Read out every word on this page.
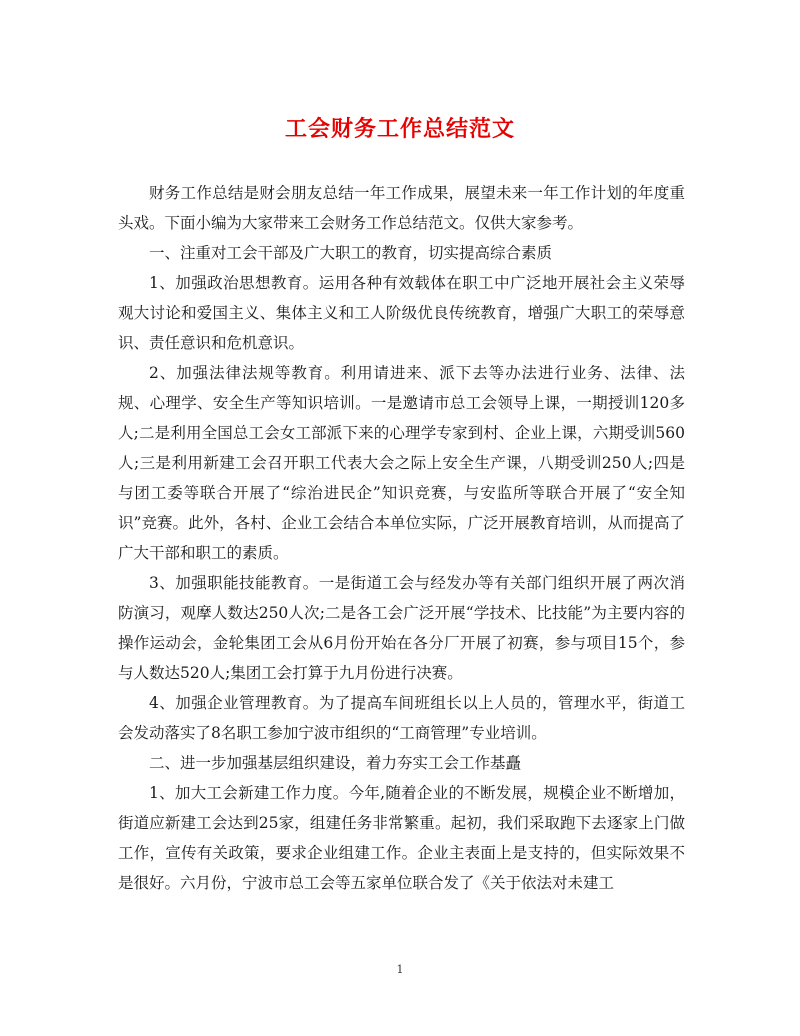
工会财务工作总结范文

财务工作总结是财会朋友总结一年工作成果，展望未来一年工作计划的年度重头戏。下面小编为大家带来工会财务工作总结范文。仅供大家参考。

一、注重对工会干部及广大职工的教育，切实提高综合素质

1、加强政治思想教育。运用各种有效载体在职工中广泛地开展社会主义荣辱观大讨论和爱国主义、集体主义和工人阶级优良传统教育，增强广大职工的荣辱意识、责任意识和危机意识。

2、加强法律法规等教育。利用请进来、派下去等办法进行业务、法律、法规、心理学、安全生产等知识培训。一是邀请市总工会领导上课，一期授训120多人;二是利用全国总工会女工部派下来的心理学专家到村、企业上课，六期受训560人;三是利用新建工会召开职工代表大会之际上安全生产课，八期受训250人;四是与团工委等联合开展了“综治进民企”知识竞赛，与安监所等联合开展了“安全知识”竞赛。此外，各村、企业工会结合本单位实际，广泛开展教育培训，从而提高了广大干部和职工的素质。

3、加强职能技能教育。一是街道工会与经发办等有关部门组织开展了两次消防演习，观摩人数达250人次;二是各工会广泛开展“学技术、比技能”为主要内容的操作运动会，金轮集团工会从6月份开始在各分厂开展了初赛，参与项目15个，参与人数达520人;集团工会打算于九月份进行决赛。

4、加强企业管理教育。为了提高车间班组长以上人员的，管理水平，街道工会发动落实了8名职工参加宁波市组织的“工商管理”专业培训。

二、进一步加强基层组织建设，着力夯实工会工作基矗

1、加大工会新建工作力度。今年,随着企业的不断发展，规模企业不断增加，街道应新建工会达到25家，组建任务非常繁重。起初，我们采取跑下去逐家上门做工作，宣传有关政策，要求企业组建工作。企业主表面上是支持的，但实际效果不是很好。六月份，宁波市总工会等五家单位联合发了《关于依法对未建工

1
